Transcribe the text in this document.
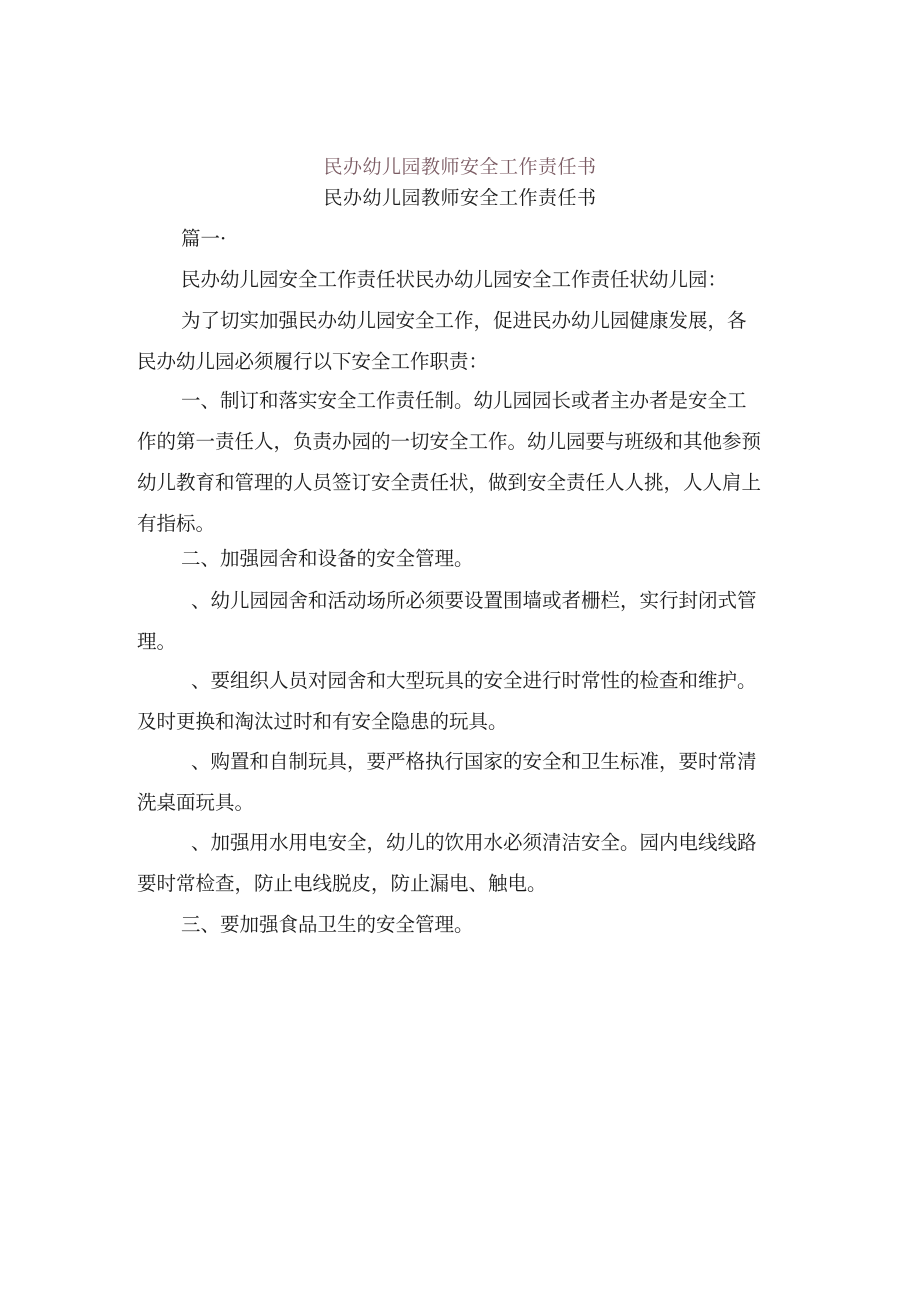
民办幼儿园教师安全工作责任书
民办幼儿园教师安全工作责任书
篇一·
民办幼儿园安全工作责任状民办幼儿园安全工作责任状幼儿园：
为了切实加强民办幼儿园安全工作，促进民办幼儿园健康发展，各
民办幼儿园必须履行以下安全工作职责：
一、制订和落实安全工作责任制。幼儿园园长或者主办者是安全工
作的第一责任人，负责办园的一切安全工作。幼儿园要与班级和其他参预
幼儿教育和管理的人员签订安全责任状，做到安全责任人人挑，人人肩上
有指标。
二、加强园舍和设备的安全管理。
、幼儿园园舍和活动场所必须要设置围墙或者栅栏，实行封闭式管
理。
、要组织人员对园舍和大型玩具的安全进行时常性的检查和维护。
及时更换和淘汰过时和有安全隐患的玩具。
、购置和自制玩具，要严格执行国家的安全和卫生标准，要时常清
洗桌面玩具。
、加强用水用电安全，幼儿的饮用水必须清洁安全。园内电线线路
要时常检查，防止电线脱皮，防止漏电、触电。
三、要加强食品卫生的安全管理。
